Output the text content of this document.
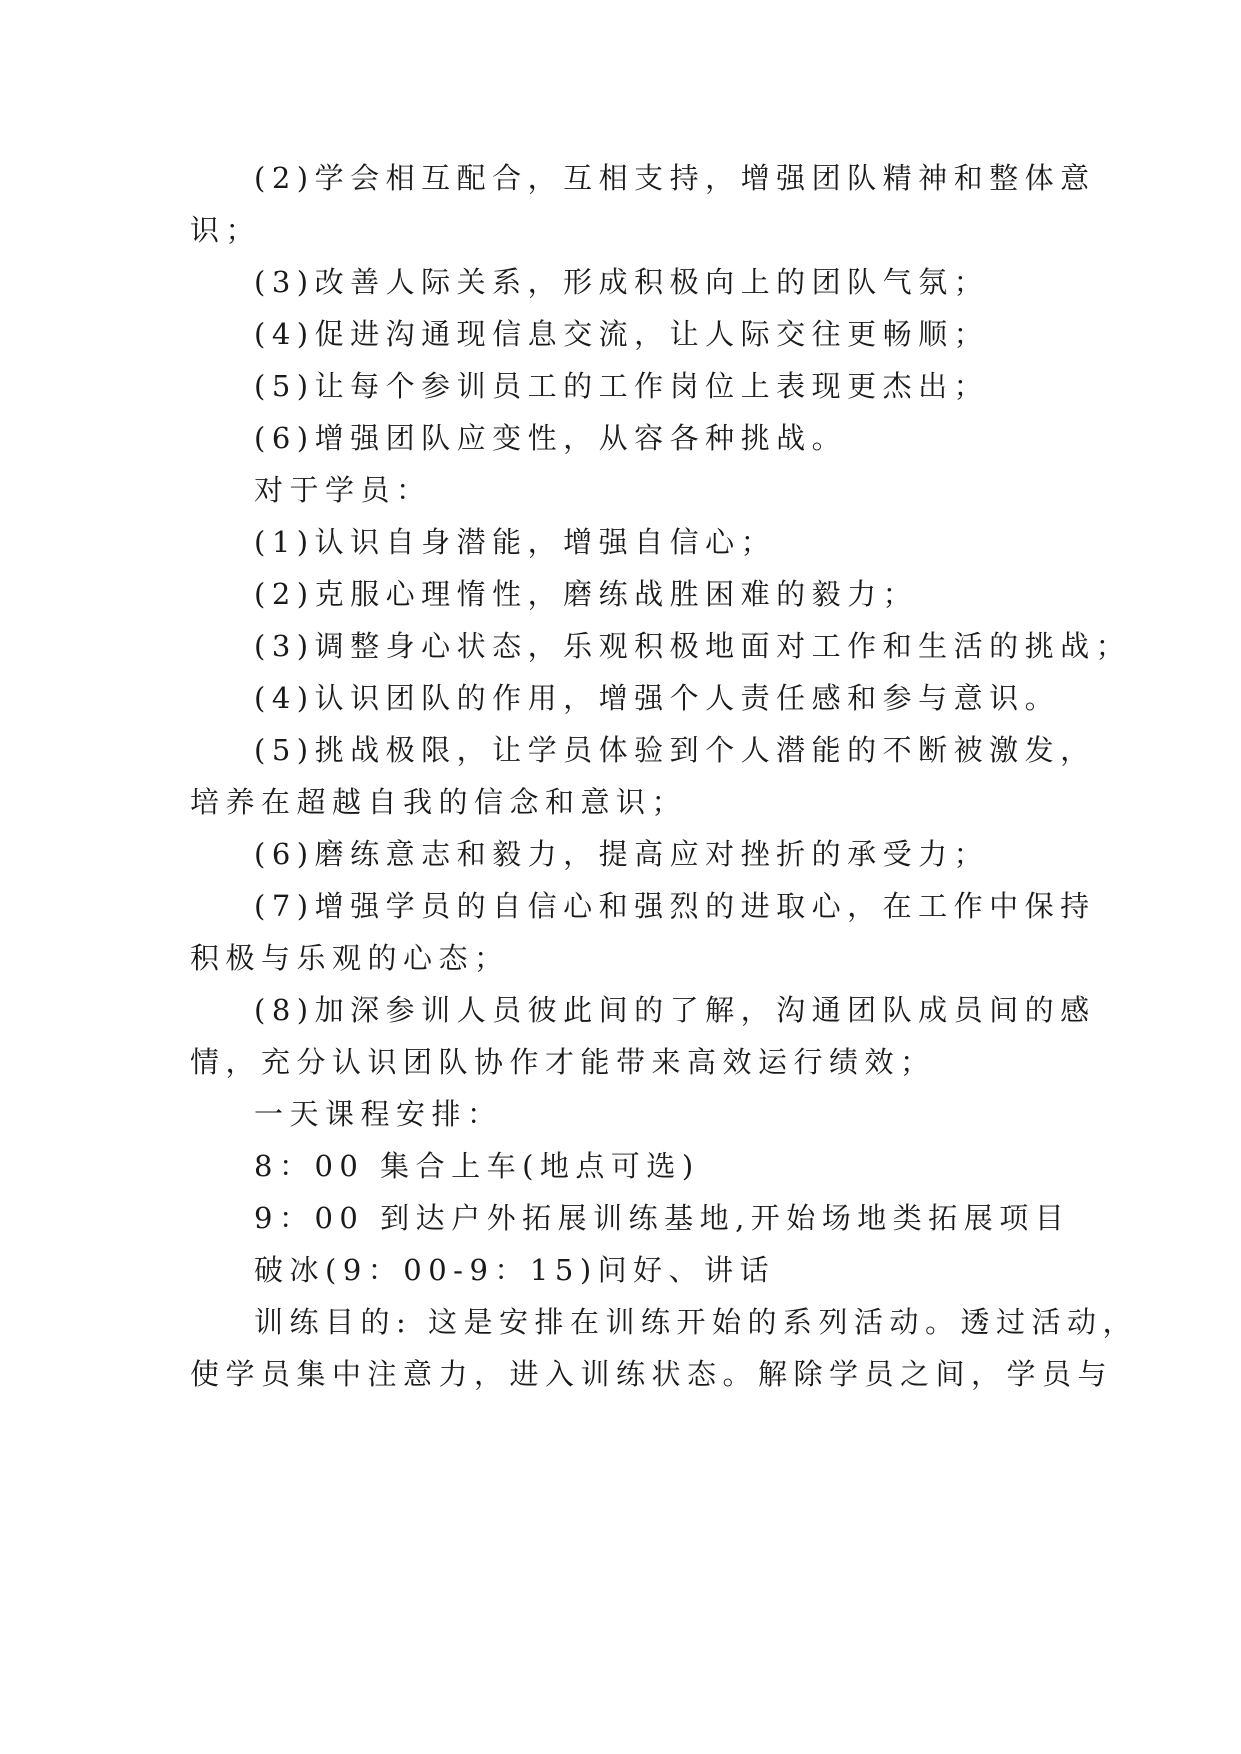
(2)学会相互配合，互相支持，增强团队精神和整体意
识；
(3)改善人际关系，形成积极向上的团队气氛；
(4)促进沟通现信息交流，让人际交往更畅顺；
(5)让每个参训员工的工作岗位上表现更杰出；
(6)增强团队应变性，从容各种挑战。
对于学员：
(1)认识自身潜能，增强自信心；
(2)克服心理惰性，磨练战胜困难的毅力；
(3)调整身心状态，乐观积极地面对工作和生活的挑战；
(4)认识团队的作用，增强个人责任感和参与意识。
(5)挑战极限，让学员体验到个人潜能的不断被激发，
培养在超越自我的信念和意识；
(6)磨练意志和毅力，提高应对挫折的承受力；
(7)增强学员的自信心和强烈的进取心，在工作中保持
积极与乐观的心态；
(8)加深参训人员彼此间的了解，沟通团队成员间的感
情，充分认识团队协作才能带来高效运行绩效；
一天课程安排：
8：00 集合上车(地点可选)
9：00 到达户外拓展训练基地,开始场地类拓展项目
破冰(9：00-9：15)问好、讲话
训练目的: 这是安排在训练开始的系列活动。透过活动，
使学员集中注意力，进入训练状态。解除学员之间，学员与
